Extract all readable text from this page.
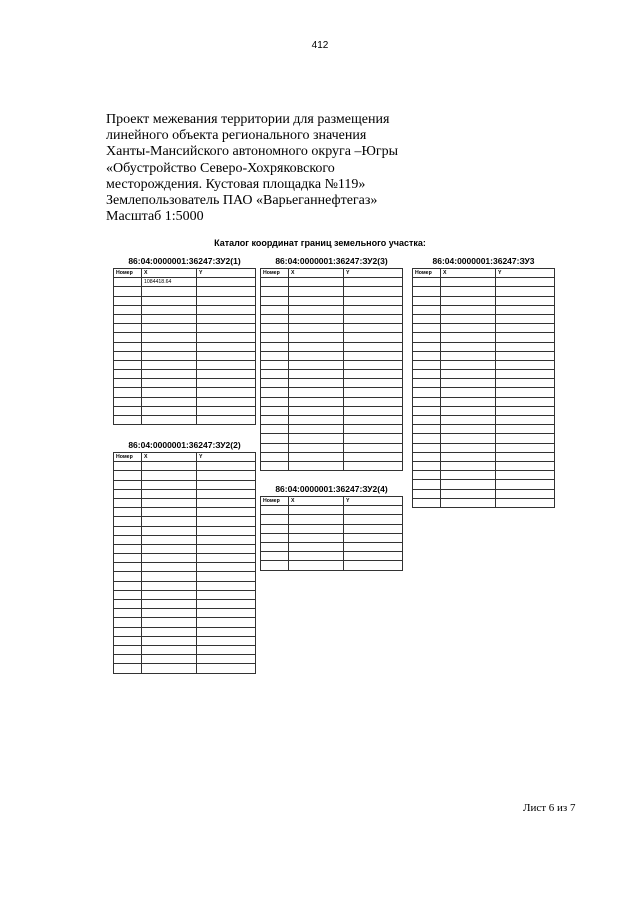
412
Проект межевания территории для размещения
линейного объекта регионального значения
Ханты-Мансийского автономного округа –Югры
«Обустройство Северо-Хохряковского
месторождения. Кустовая площадка №119»
Землепользователь ПАО «Варьеганнефтегаз»
Масштаб 1:5000
Каталог координат границ земельного участка:
86:04:0000001:36247:ЗУ2(1)
Номер	X	Y
	1084418.64	

86:04:0000001:36247:ЗУ2(3)
Номер	X	Y

86:04:0000001:36247:ЗУ3
Номер	X	Y

86:04:0000001:36247:ЗУ2(2)
Номер	X	Y

86:04:0000001:36247:ЗУ2(4)
Номер	X	Y

Лист 6 из 7
